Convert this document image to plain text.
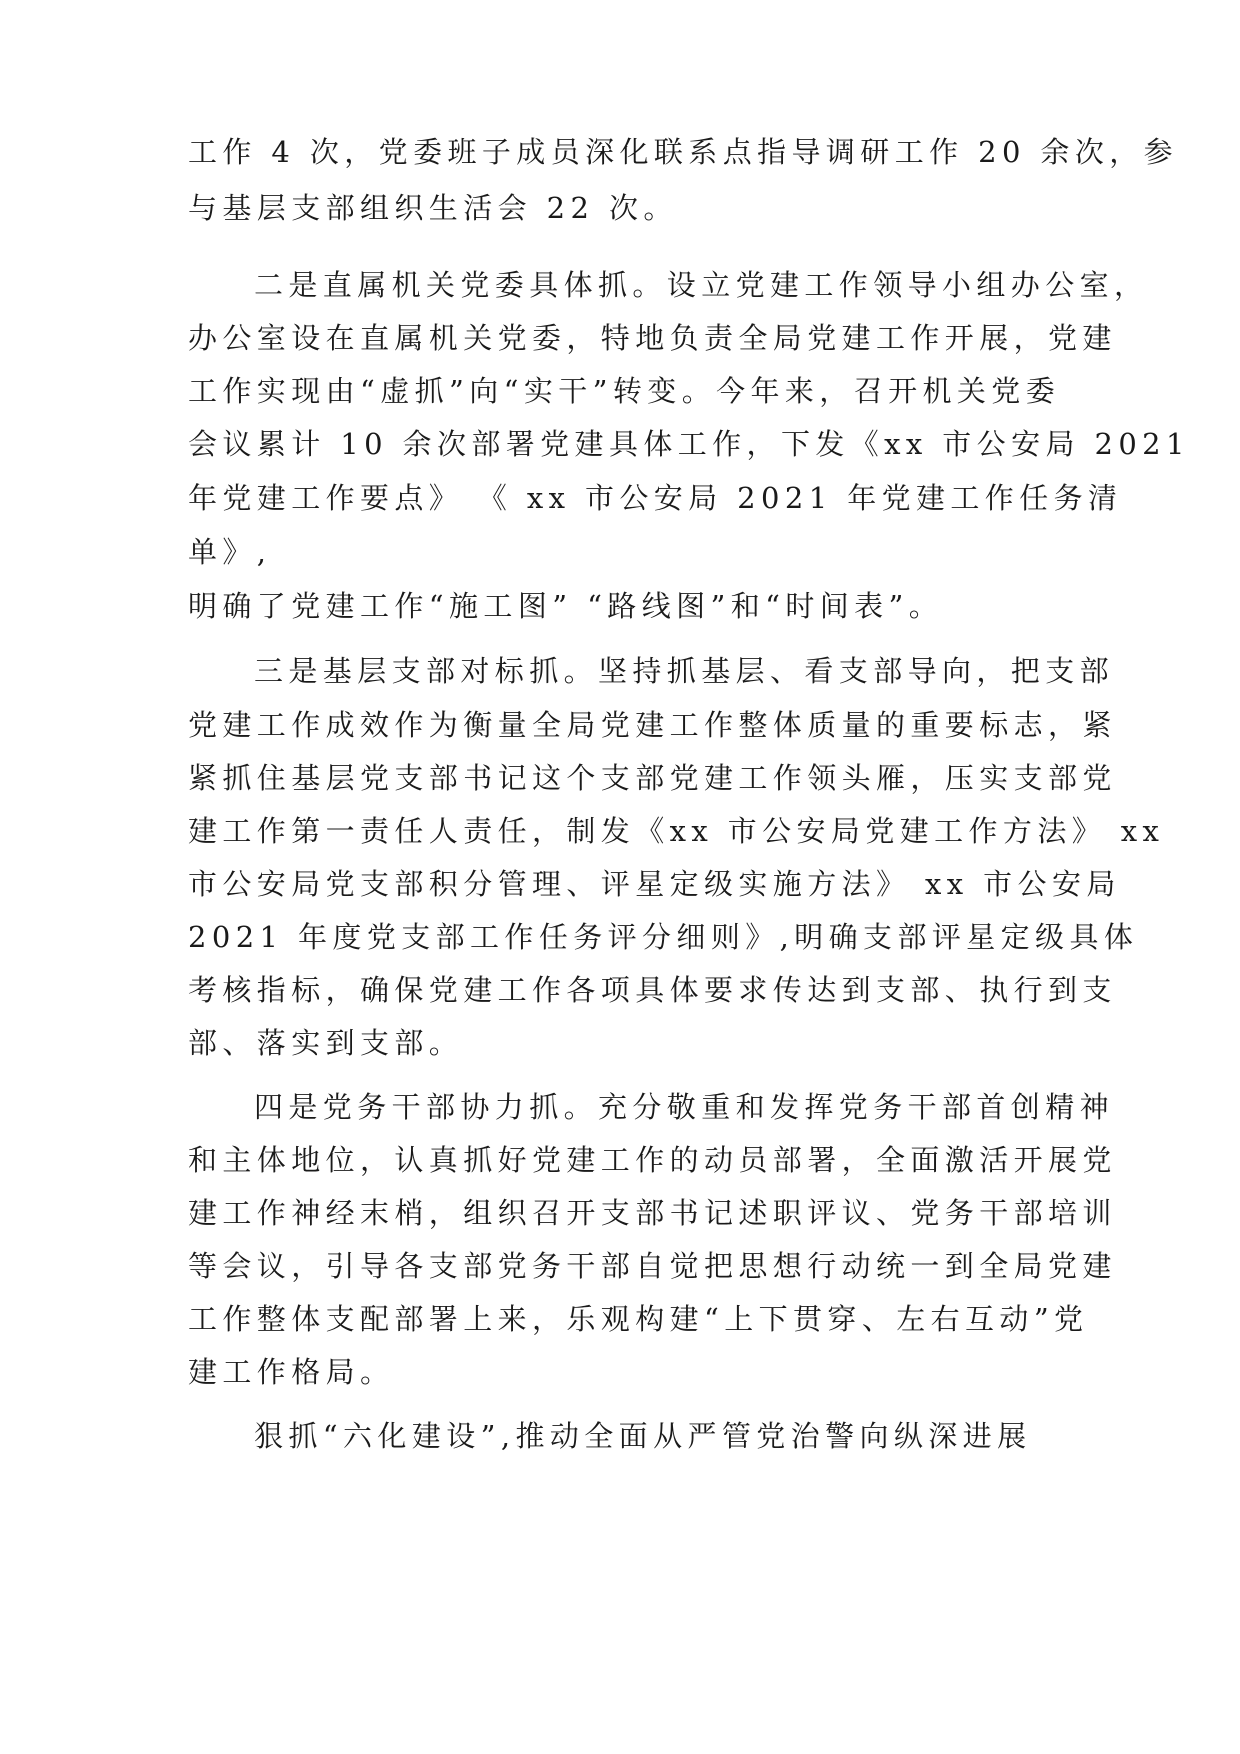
工作 4 次，党委班子成员深化联系点指导调研工作 20 余次，参
与基层支部组织生活会 22 次。
二是直属机关党委具体抓。设立党建工作领导小组办公室，
办公室设在直属机关党委，特地负责全局党建工作开展，党建
工作实现由“虚抓”向“实干”转变。今年来，召开机关党委
会议累计 10 余次部署党建具体工作，下发《xx 市公安局 2021
年党建工作要点》 《 xx 市公安局 2021 年党建工作任务清
单》,
明确了党建工作“施工图” “路线图”和“时间表”。
三是基层支部对标抓。坚持抓基层、看支部导向，把支部
党建工作成效作为衡量全局党建工作整体质量的重要标志，紧
紧抓住基层党支部书记这个支部党建工作领头雁，压实支部党
建工作第一责任人责任，制发《xx 市公安局党建工作方法》 xx
市公安局党支部积分管理、评星定级实施方法》 xx 市公安局
2021 年度党支部工作任务评分细则》,明确支部评星定级具体
考核指标，确保党建工作各项具体要求传达到支部、执行到支
部、落实到支部。
四是党务干部协力抓。充分敬重和发挥党务干部首创精神
和主体地位，认真抓好党建工作的动员部署，全面激活开展党
建工作神经末梢，组织召开支部书记述职评议、党务干部培训
等会议，引导各支部党务干部自觉把思想行动统一到全局党建
工作整体支配部署上来，乐观构建“上下贯穿、左右互动”党
建工作格局。
狠抓“六化建设”,推动全面从严管党治警向纵深进展
